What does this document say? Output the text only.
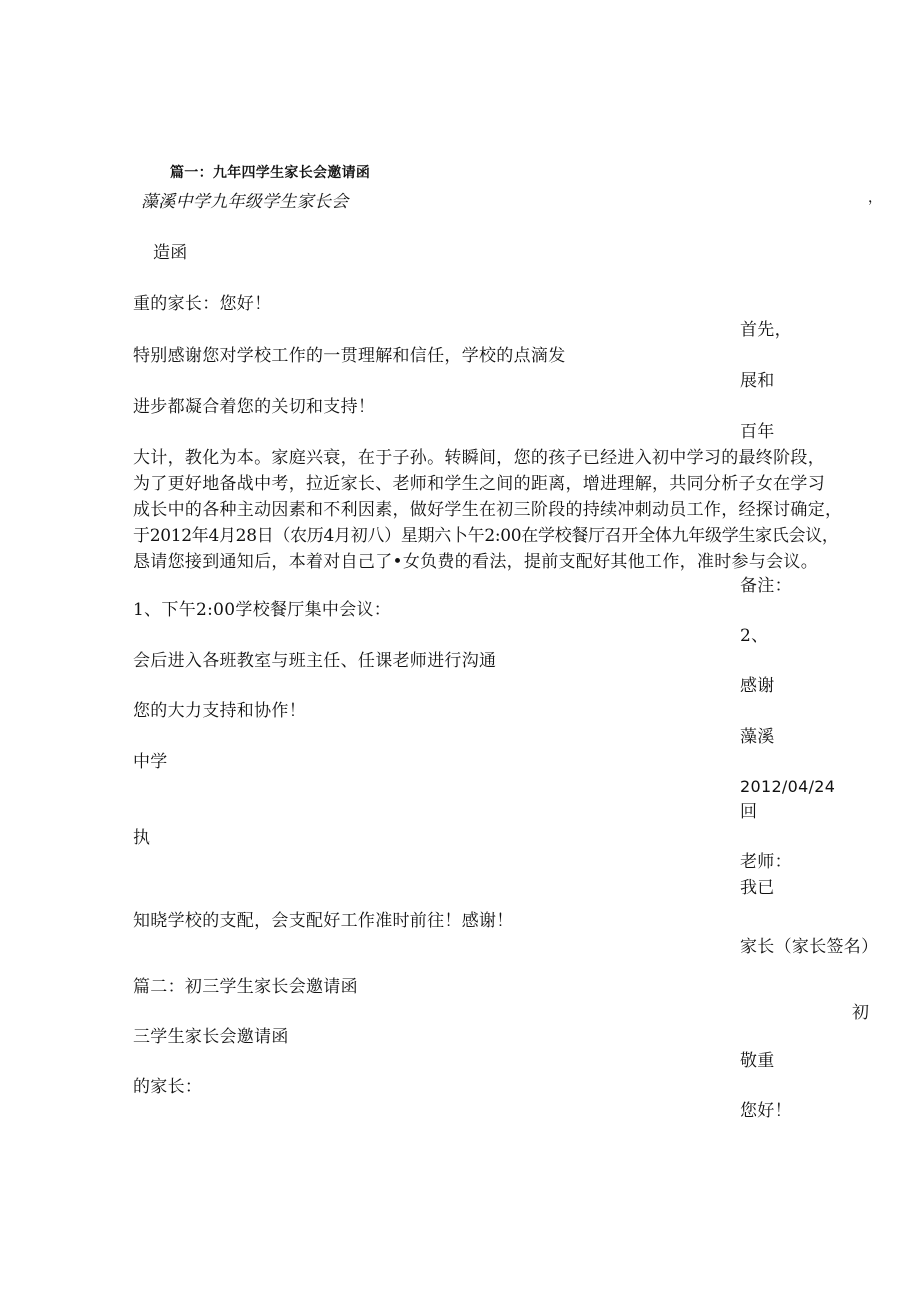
篇一：九年四学生家长会邀请函
藻溪中学九年级学生家长会	，
造函
重的家长：您好！
首先，
特别感谢您对学校工作的一贯理解和信任，学校的点滴发
展和
进步都凝合着您的关切和支持！
百年
大计，教化为本。家庭兴衰，在于子孙。转瞬间，您的孩子已经进入初中学习的最终阶段，
为了更好地备战中考，拉近家长、老师和学生之间的距离，增进理解，共同分析子女在学习
成长中的各种主动因素和不利因素，做好学生在初三阶段的持续冲刺动员工作，经探讨确定，
于2012年4月28日（农历4月初八）星期六卜午2:00在学校餐厅召开全体九年级学生家氏会议，
恳请您接到通知后，本着对自己了•女负费的看法，提前支配好其他工作，准时参与会议。
备注：
1、下午2:00学校餐厅集中会议：
2、
会后进入各班教室与班主任、任课老师进行沟通
感谢
您的大力支持和协作！
藻溪
中学
2012/04/24
回
执
老师：
我已
知晓学校的支配，会支配好工作准时前往！感谢！
家长（家长签名）
篇二：初三学生家长会邀请函
初
三学生家长会邀请函
敬重
的家长：
您好！
